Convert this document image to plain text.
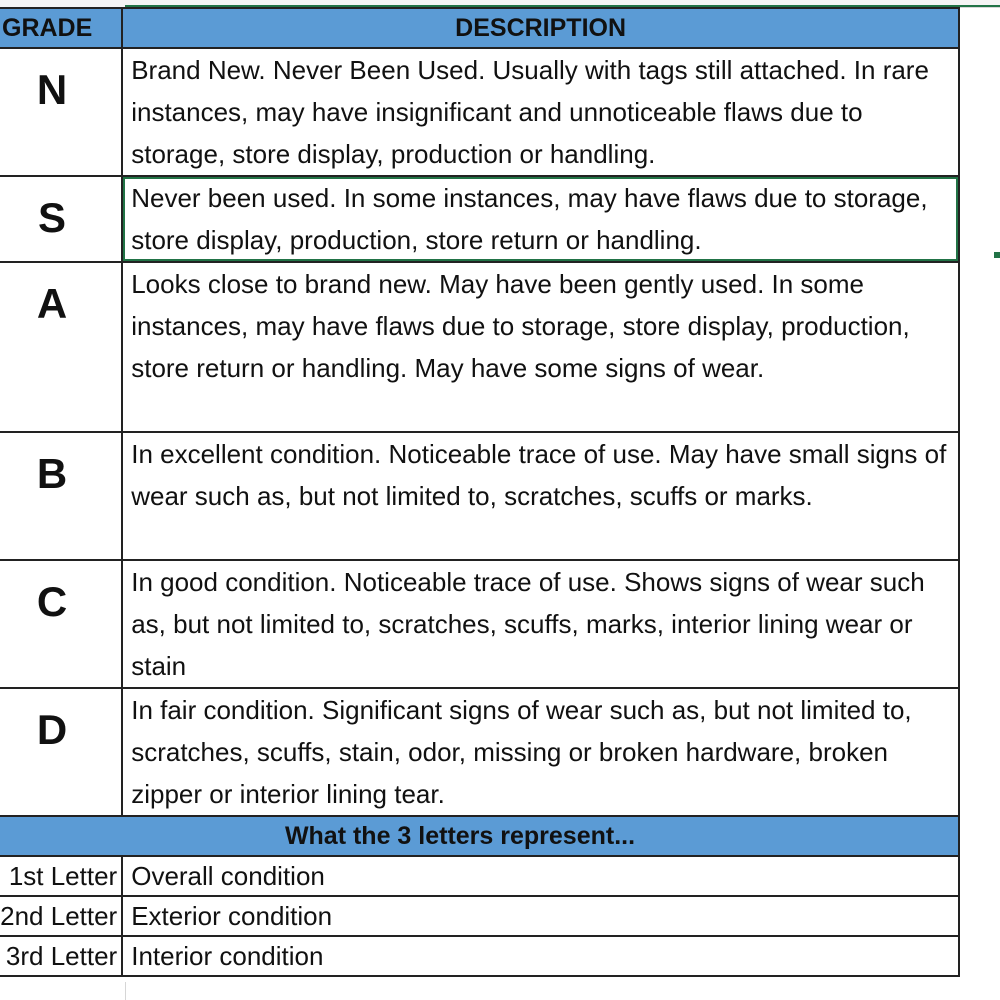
GRADE	DESCRIPTION

N	Brand New. Never Been Used. Usually with tags still attached. In rare instances, may have insignificant and unnoticeable flaws due to storage, store display, production or handling.

S	Never been used. In some instances, may have flaws due to storage, store display, production, store return or handling.

A	Looks close to brand new. May have been gently used. In some instances, may have flaws due to storage, store display, production, store return or handling. May have some signs of wear.

B	In excellent condition. Noticeable trace of use. May have small signs of wear such as, but not limited to, scratches, scuffs or marks.

C	In good condition. Noticeable trace of use. Shows signs of wear such as, but not limited to, scratches, scuffs, marks, interior lining wear or stain

D	In fair condition. Significant signs of wear such as, but not limited to, scratches, scuffs, stain, odor, missing or broken hardware, broken zipper or interior lining tear.

What the 3 letters represent...	
1st Letter	Overall condition
2nd Letter	Exterior condition
3rd Letter	Interior condition
